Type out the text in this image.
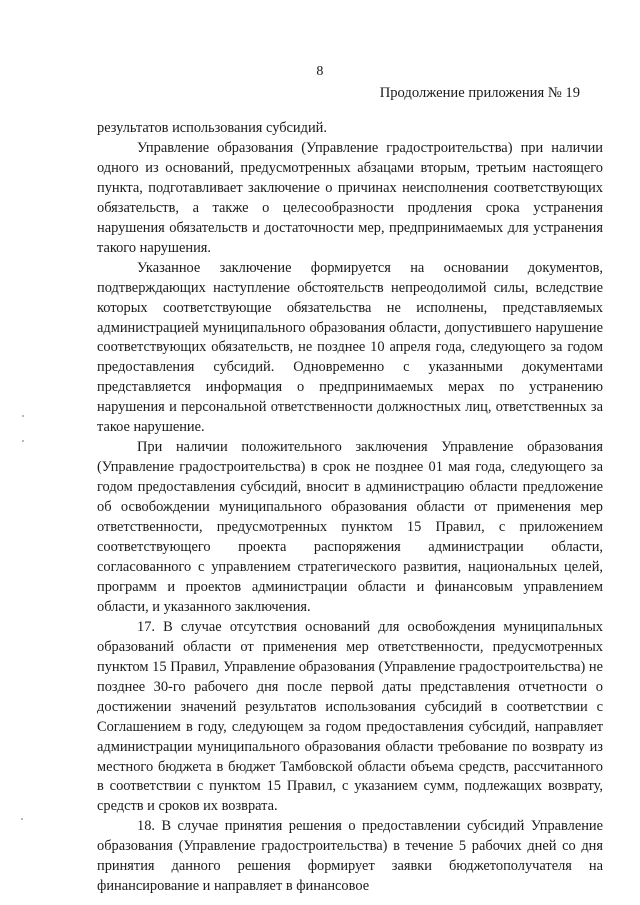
8
Продолжение приложения № 19

результатов использования субсидий.

Управление образования (Управление градостроительства) при наличии одного из оснований, предусмотренных абзацами вторым, третьим настоящего пункта, подготавливает заключение о причинах неисполнения соответствующих обязательств, а также о целесообразности продления срока устранения нарушения обязательств и достаточности мер, предпринимаемых для устранения такого нарушения.

Указанное заключение формируется на основании документов, подтверждающих наступление обстоятельств непреодолимой силы, вследствие которых соответствующие обязательства не исполнены, представляемых администрацией муниципального образования области, допустившего нарушение соответствующих обязательств, не позднее 10 апреля года, следующего за годом предоставления субсидий. Одновременно с указанными документами представляется информация о предпринимаемых мерах по устранению нарушения и персональной ответственности должностных лиц, ответственных за такое нарушение.

При наличии положительного заключения Управление образования (Управление градостроительства) в срок не позднее 01 мая года, следующего за годом предоставления субсидий, вносит в администрацию области предложение об освобождении муниципального образования области от применения мер ответственности, предусмотренных пунктом 15 Правил, с приложением соответствующего проекта распоряжения администрации области, согласованного с управлением стратегического развития, национальных целей, программ и проектов администрации области и финансовым управлением области, и указанного заключения.

17. В случае отсутствия оснований для освобождения муниципальных образований области от применения мер ответственности, предусмотренных пунктом 15 Правил, Управление образования (Управление градостроительства) не позднее 30-го рабочего дня после первой даты представления отчетности о достижении значений результатов использования субсидий в соответствии с Соглашением в году, следующем за годом предоставления субсидий, направляет администрации муниципального образования области требование по возврату из местного бюджета в бюджет Тамбовской области объема средств, рассчитанного в соответствии с пунктом 15 Правил, с указанием сумм, подлежащих возврату, средств и сроков их возврата.

18. В случае принятия решения о предоставлении субсидий Управление образования (Управление градостроительства) в течение 5 рабочих дней со дня принятия данного решения формирует заявки бюджетополучателя на финансирование и направляет в финансовое
